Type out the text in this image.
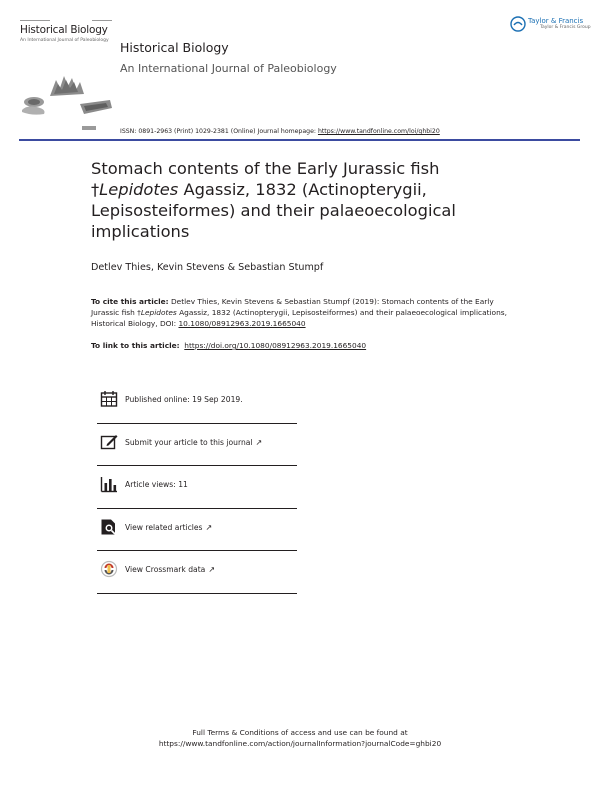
Historical Biology
An International Journal of Paleobiology Historical Biology
An International Journal of Paleobiology
Taylor & Francis
Taylor & Francis Group
ISSN: 0891-2963 (Print) 1029-2381 (Online) Journal homepage: https://www.tandfonline.com/loi/ghbi20
Stomach contents of the Early Jurassic fish
†Lepidotes Agassiz, 1832 (Actinopterygii,
Lepisosteiformes) and their palaeoecological
implications
Detlev Thies, Kevin Stevens & Sebastian Stumpf
To cite this article: Detlev Thies, Kevin Stevens & Sebastian Stumpf (2019): Stomach contents of the Early Jurassic fish †Lepidotes Agassiz, 1832 (Actinopterygii, Lepisosteiformes) and their palaeoecological implications, Historical Biology, DOI: 10.1080/08912963.2019.1665040
To link to this article: https://doi.org/10.1080/08912963.2019.1665040
Published online: 19 Sep 2019.
Submit your article to this journal ↗
Article views: 11
View related articles ↗
View Crossmark data ↗
Full Terms & Conditions of access and use can be found at
https://www.tandfonline.com/action/journalInformation?journalCode=ghbi20
